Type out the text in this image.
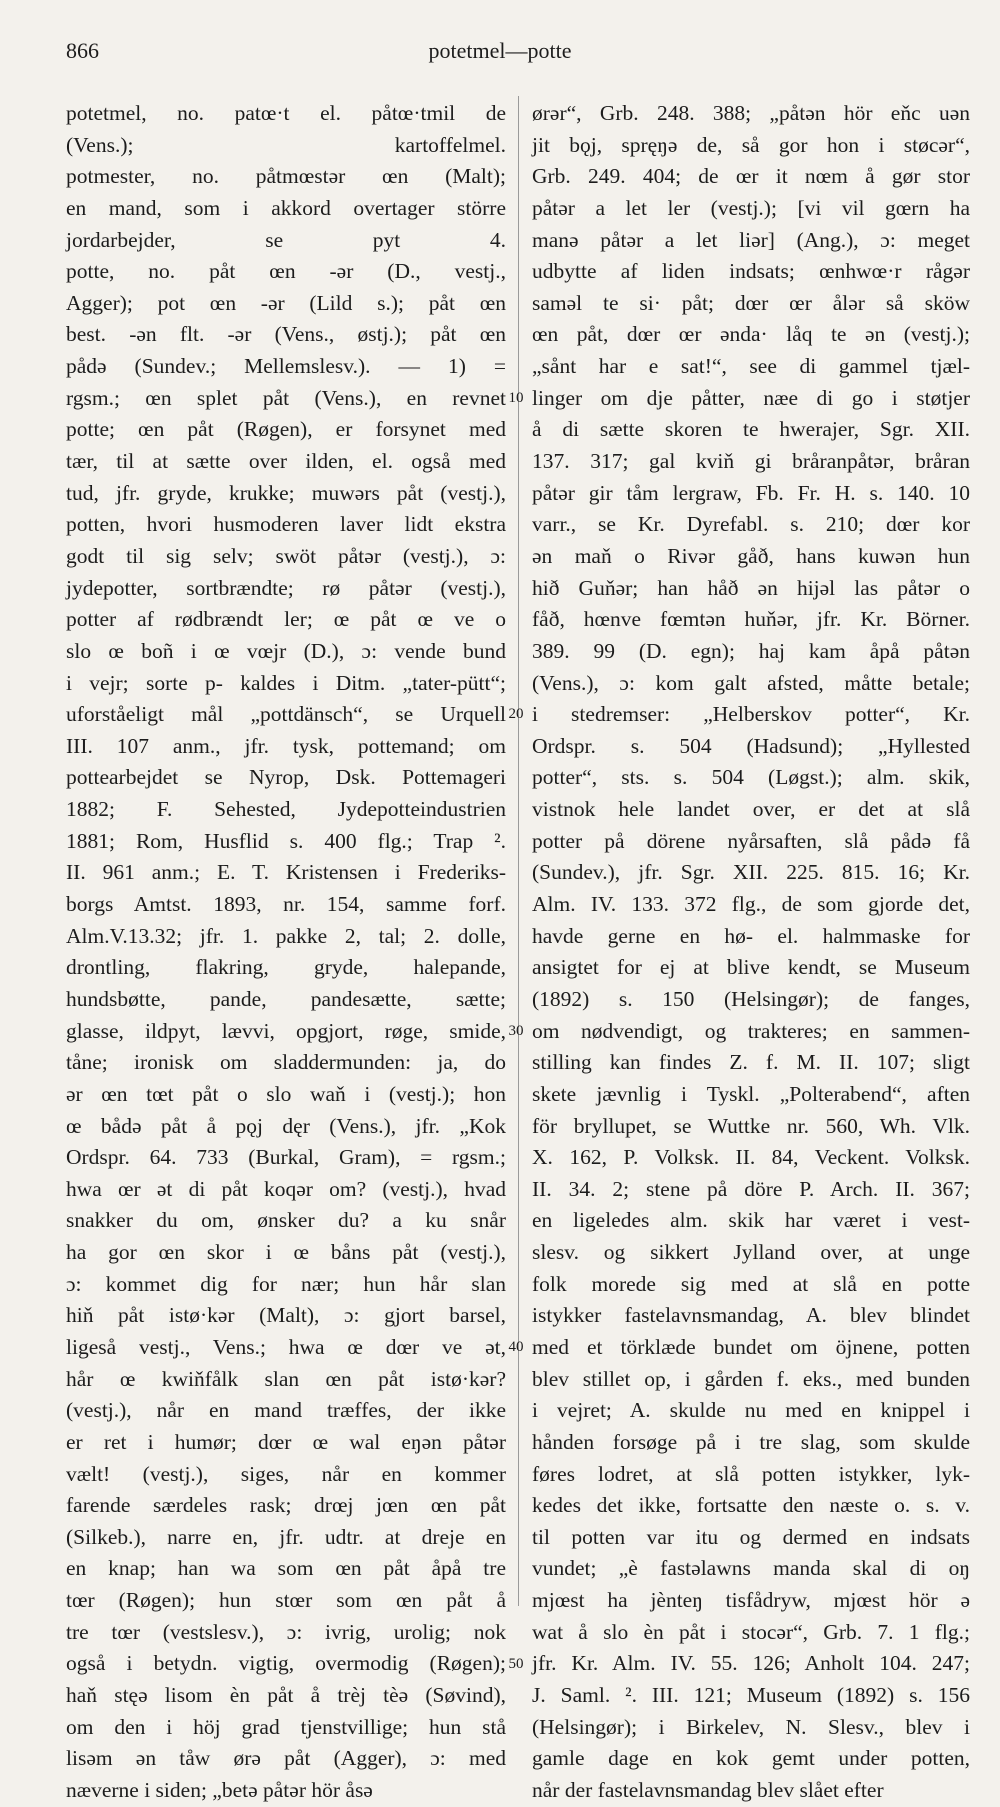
potetmel—potte
866
potetmel, no. patœ·t el. påtœ·tmil de
(Vens.); kartoffelmel.
potmester, no. påtmœstər œn (Malt);
en mand, som i akkord overtager större
jordarbejder, se pyt 4.
potte, no. påt œn -ər (D., vestj.,
Agger); pot œn -ər (Lild s.); påt œn
best. -ən flt. -ər (Vens., østj.); påt œn
pådə (Sundev.; Mellemslesv.). — 1) =
rgsm.; œn splet påt (Vens.), en revnet
potte; œn påt (Røgen), er forsynet med
tær, til at sætte over ilden, el. også med
tud, jfr. gryde, krukke; muwərs påt (vestj.),
potten, hvori husmoderen laver lidt ekstra
godt til sig selv; swöt påtər (vestj.), ɔ:
jydepotter, sortbrændte; rø påtər (vestj.),
potter af rødbrændt ler; œ påt œ ve o
slo œ boñ i œ vœjr (D.), ɔ: vende bund
i vejr; sorte p- kaldes i Ditm. „tater-pütt“;
uforståeligt mål „pottdänsch“, se Urquell
III. 107 anm., jfr. tysk, pottemand; om
pottearbejdet se Nyrop, Dsk. Pottemageri
1882; F. Sehested, Jydepotteindustrien
1881; Rom, Husflid s. 400 flg.; Trap ².
II. 961 anm.; E. T. Kristensen i Frederiks-
borgs Amtst. 1893, nr. 154, samme forf.
Alm.V.13.32; jfr. 1. pakke 2, tal; 2. dolle,
drontling, flakring, gryde, halepande,
hundsbøtte, pande, pandesætte, sætte;
glasse, ildpyt, lævvi, opgjort, røge, smide,
tåne; ironisk om sladdermunden: ja, do
ər œn tœt påt o slo waň i (vestj.); hon
œ bådə påt å pǫj dęr (Vens.), jfr. „Kok
Ordspr. 64. 733 (Burkal, Gram), = rgsm.;
hwa œr ət di påt koqər om? (vestj.), hvad
snakker du om, ønsker du? a ku snår
ha gor œn skor i œ båns påt (vestj.),
ɔ: kommet dig for nær; hun hår slan
hiň påt istø·kər (Malt), ɔ: gjort barsel,
ligeså vestj., Vens.; hwa œ dœr ve ət,
hår œ kwiňfålk slan œn påt istø·kər?
(vestj.), når en mand træffes, der ikke
er ret i humør; dœr œ wal eŋən påtər
vælt! (vestj.), siges, når en kommer
farende særdeles rask; drœj jœn œn påt
(Silkeb.), narre en, jfr. udtr. at dreje en
en knap; han wa som œn påt åpå tre
tœr (Røgen); hun stœr som œn påt å
tre tœr (vestslesv.), ɔ: ivrig, urolig; nok
også i betydn. vigtig, overmodig (Røgen);
haň stęə lisom èn påt å trèj tèə (Søvind),
om den i höj grad tjenstvillige; hun stå
lisəm ən tåw ørə påt (Agger), ɔ: med
næverne i siden; „betə påtər hör åsə
ørər“, Grb. 248. 388; „påtən hör eňc uən
jit bǫj, spręŋə de, så gor hon i støcər“,
Grb. 249. 404; de œr it nœm å gør stor
påtər a let ler (vestj.); [vi vil gœrn ha
manə påtər a let liər] (Ang.), ɔ: meget
udbytte af liden indsats; œnhwœ·r rågər
saməl te si· påt; dœr œr ålər så sköw
œn påt, dœr œr ənda· låq te ən (vestj.);
„sånt har e sat!“, see di gammel tjæl-
linger om dje påtter, næe di go i støtjer
å di sætte skoren te hwerajer, Sgr. XII.
137. 317; gal kviň gi bråranpåtər, bråran
påtər gir tåm lergraw, Fb. Fr. H. s. 140. 10
varr., se Kr. Dyrefabl. s. 210; dœr kor
ən maň o Rivər gåð, hans kuwən hun
hið Guňər; han håð ən hijəl las påtər o
fåð, hœnve fœmtən huňər, jfr. Kr. Börner.
389. 99 (D. egn); haj kam åpå påtən
(Vens.), ɔ: kom galt afsted, måtte betale;
i stedremser: „Helberskov potter“, Kr.
Ordspr. s. 504 (Hadsund); „Hyllested
potter“, sts. s. 504 (Løgst.); alm. skik,
vistnok hele landet over, er det at slå
potter på dörene nyårsaften, slå pådə få
(Sundev.), jfr. Sgr. XII. 225. 815. 16; Kr.
Alm. IV. 133. 372 flg., de som gjorde det,
havde gerne en hø- el. halmmaske for
ansigtet for ej at blive kendt, se Museum
(1892) s. 150 (Helsingør); de fanges,
om nødvendigt, og trakteres; en sammen-
stilling kan findes Z. f. M. II. 107; sligt
skete jævnlig i Tyskl. „Polterabend“, aften
för bryllupet, se Wuttke nr. 560, Wh. Vlk.
X. 162, P. Volksk. II. 84, Veckent. Volksk.
II. 34. 2; stene på döre P. Arch. II. 367;
en ligeledes alm. skik har været i vest-
slesv. og sikkert Jylland over, at unge
folk morede sig med at slå en potte
istykker fastelavnsmandag, A. blev blindet
med et törklæde bundet om öjnene, potten
blev stillet op, i gården f. eks., med bunden
i vejret; A. skulde nu med en knippel i
hånden forsøge på i tre slag, som skulde
føres lodret, at slå potten istykker, lyk-
kedes det ikke, fortsatte den næste o. s. v.
til potten var itu og dermed en indsats
vundet; „è fastəlawns manda skal di oŋ
mjœst ha jènteŋ tisfådryw, mjœst hör ə
wat å slo èn påt i stocər“, Grb. 7. 1 flg.;
jfr. Kr. Alm. IV. 55. 126; Anholt 104. 247;
J. Saml. ². III. 121; Museum (1892) s. 156
(Helsingør); i Birkelev, N. Slesv., blev i
gamle dage en kok gemt under potten,
når der fastelavnsmandag blev slået efter
10
20
30
40
50
